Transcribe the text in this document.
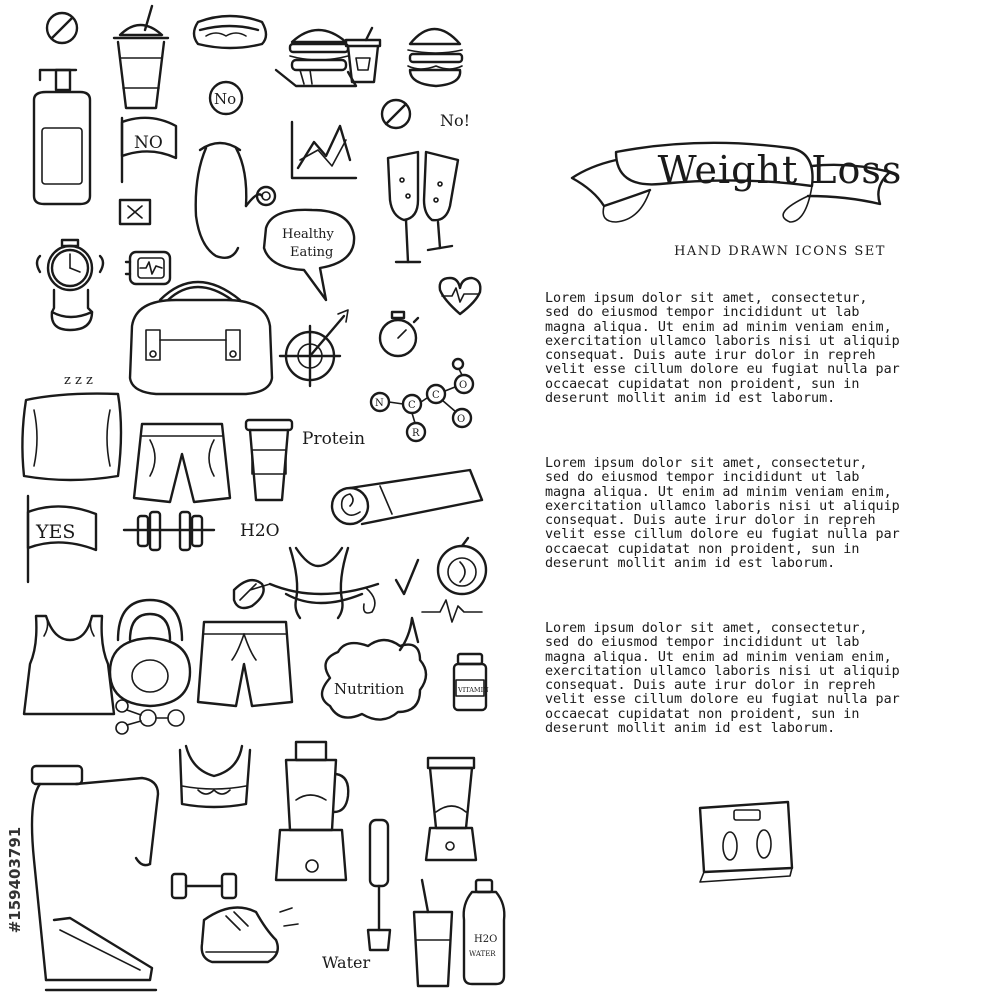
NO
No
No!
Healthy
Eating
z z z
N C
C
O
O
R
Protein
YES	H2O
Nutrition	VITAMIN
Water
H2O
WATER
Weight Loss
HAND DRAWN ICONS SET
Lorem ipsum dolor sit amet, consectetur,
sed do eiusmod tempor incididunt ut lab
magna aliqua. Ut enim ad minim veniam enim,
exercitation ullamco laboris nisi ut aliquip
consequat. Duis aute irur dolor in repreh
velit esse cillum dolore eu fugiat nulla par
occaecat cupidatat non proident, sun in
deserunt mollit anim id est laborum.
Lorem ipsum dolor sit amet, consectetur,
sed do eiusmod tempor incididunt ut lab
magna aliqua. Ut enim ad minim veniam enim,
exercitation ullamco laboris nisi ut aliquip
consequat. Duis aute irur dolor in repreh
velit esse cillum dolore eu fugiat nulla par
occaecat cupidatat non proident, sun in
deserunt mollit anim id est laborum.
Lorem ipsum dolor sit amet, consectetur,
sed do eiusmod tempor incididunt ut lab
magna aliqua. Ut enim ad minim veniam enim,
exercitation ullamco laboris nisi ut aliquip
consequat. Duis aute irur dolor in repreh
velit esse cillum dolore eu fugiat nulla par
occaecat cupidatat non proident, sun in
deserunt mollit anim id est laborum.
#159403791
